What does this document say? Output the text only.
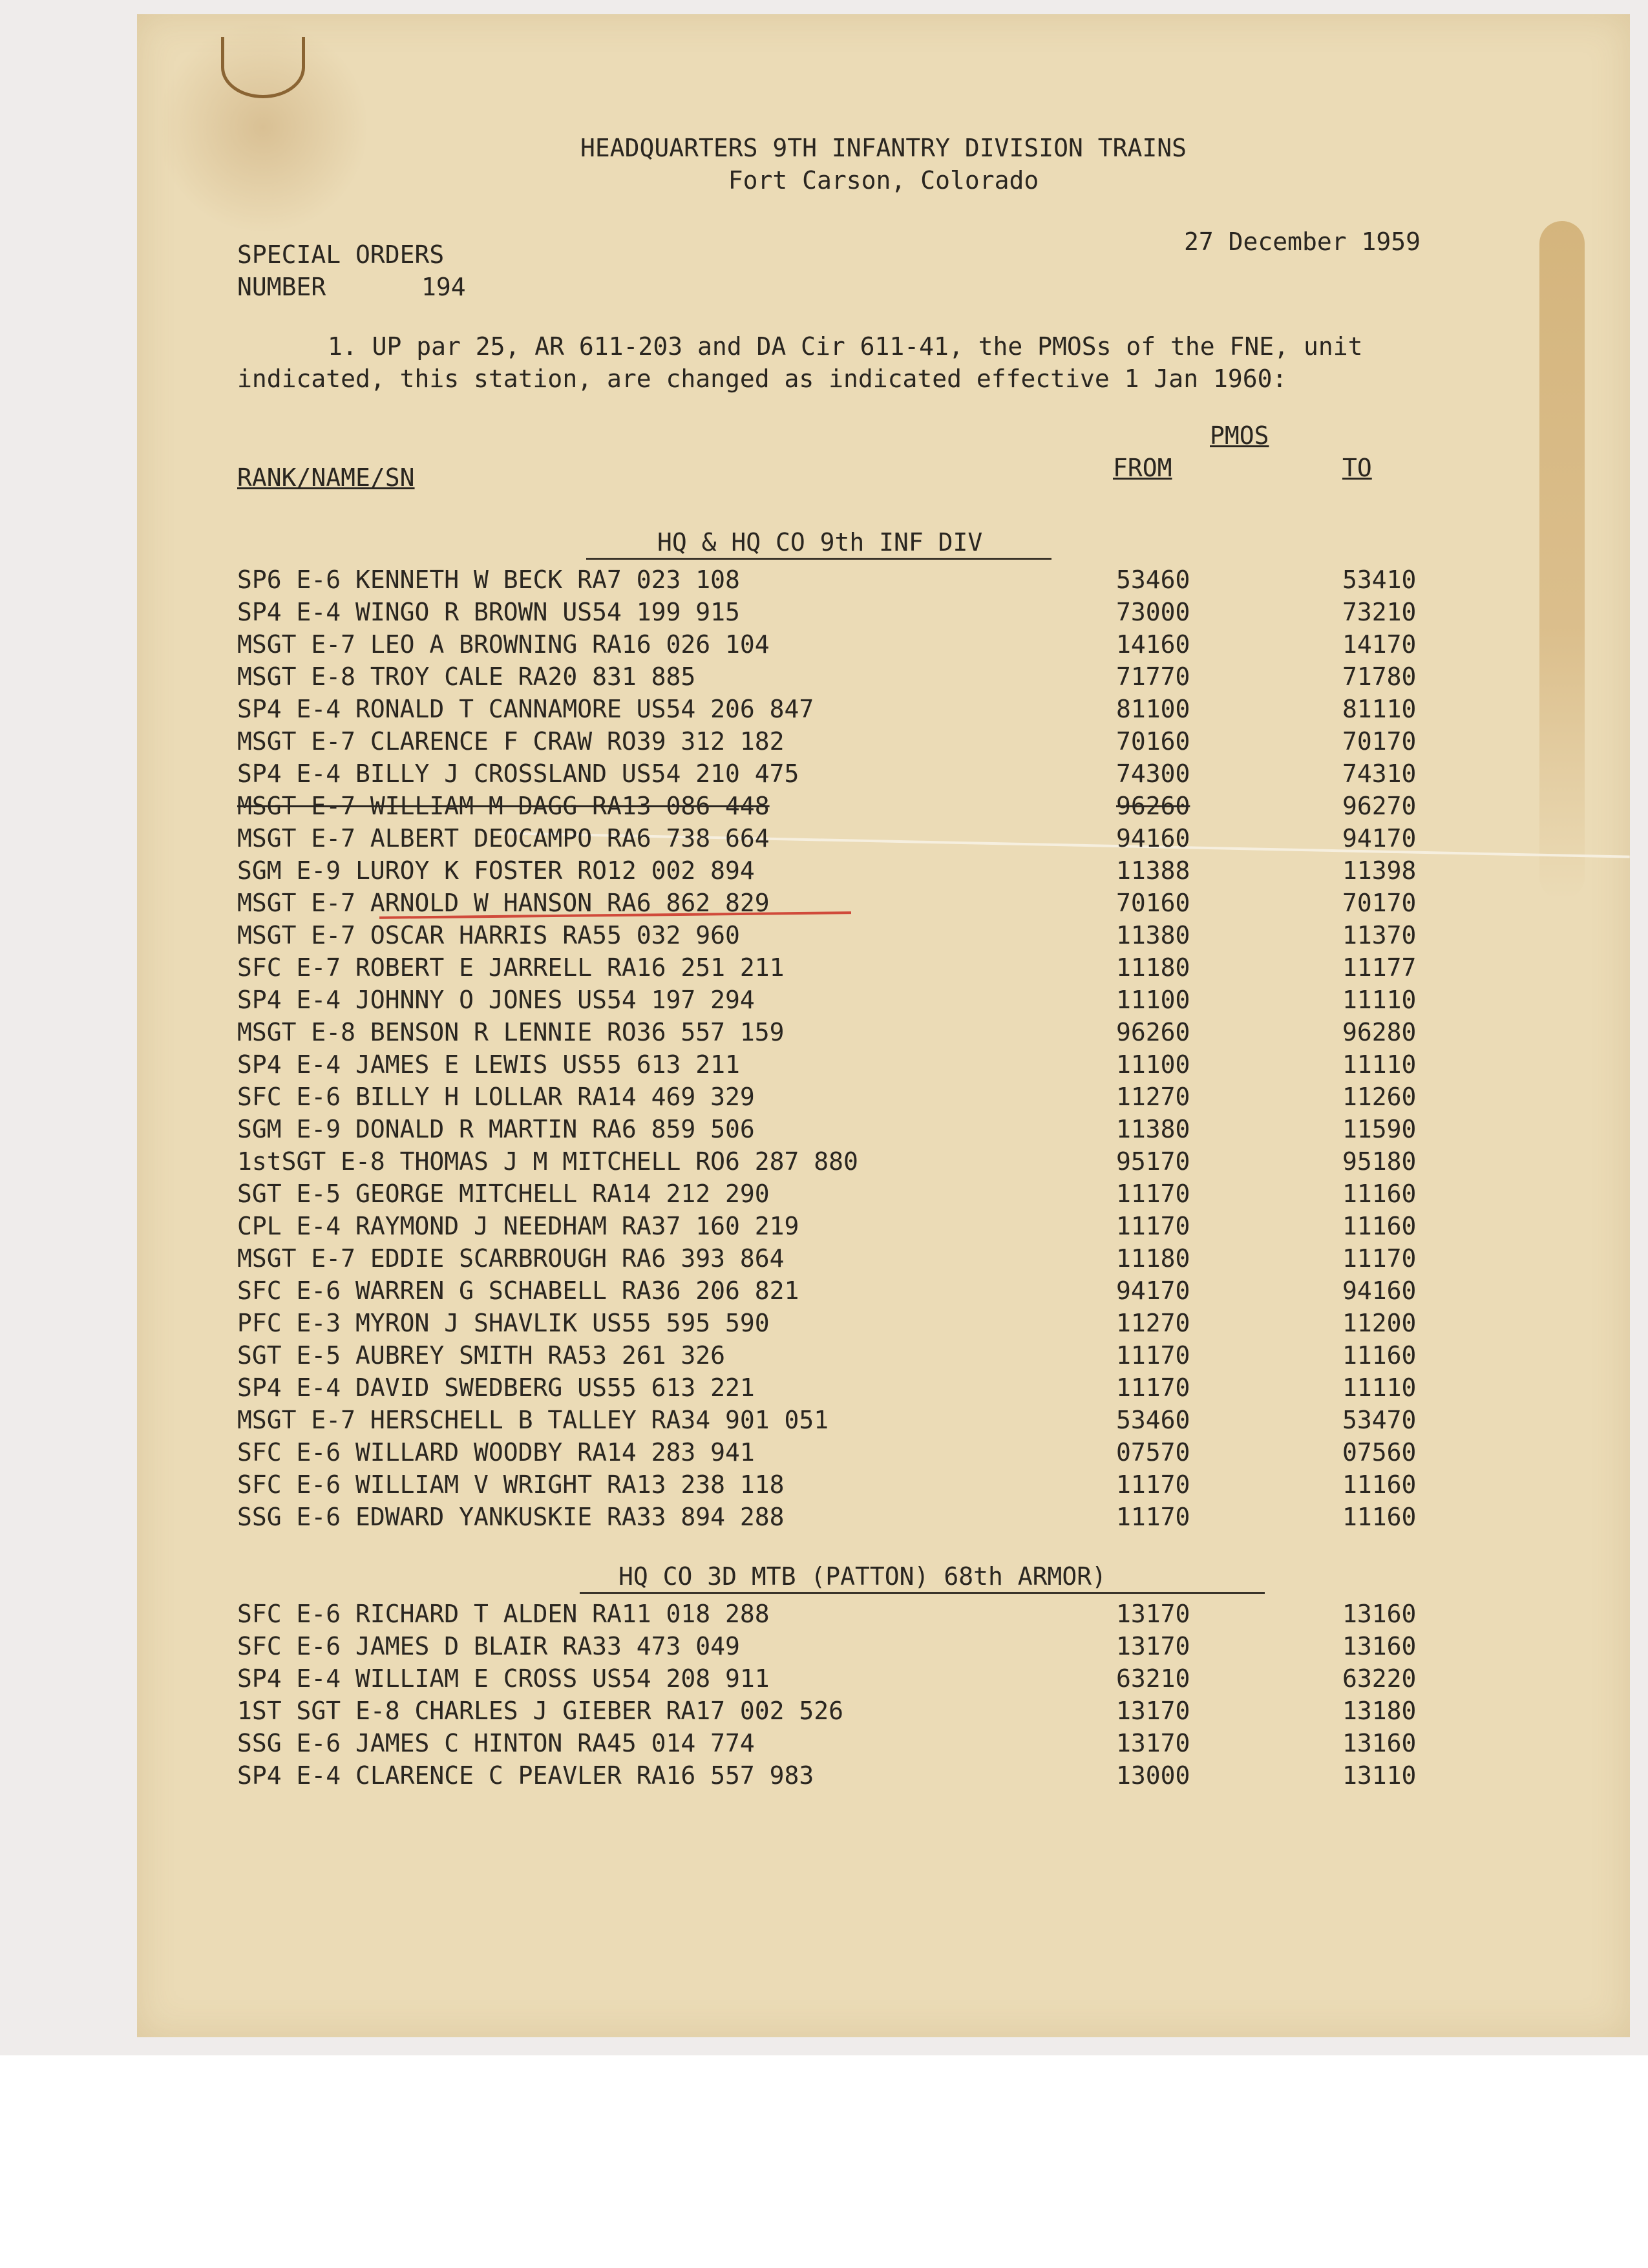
HEADQUARTERS 9TH INFANTRY DIVISION TRAINS
Fort Carson, Colorado
SPECIAL ORDERS
NUMBER	194
27 December 1959
1. UP par 25, AR 611-203 and DA Cir 611-41, the PMOSs of the FNE, unit
indicated, this station, are changed as indicated effective 1 Jan 1960:
PMOS
RANK/NAME/SN	FROM	TO
HQ & HQ CO 9th INF DIV
SP6 E-6 KENNETH W BECK RA7 023 108	53460	53410
SP4 E-4 WINGO R BROWN US54 199 915	73000	73210
MSGT E-7 LEO A BROWNING RA16 026 104	14160	14170
MSGT E-8 TROY CALE RA20 831 885	71770	71780
SP4 E-4 RONALD T CANNAMORE US54 206 847	81100	81110
MSGT E-7 CLARENCE F CRAW RO39 312 182	70160	70170
SP4 E-4 BILLY J CROSSLAND US54 210 475	74300	74310
MSGT E-7 WILLIAM M DAGG RA13 086 448	96260	96270
MSGT E-7 ALBERT DEOCAMPO RA6 738 664	94160	94170
SGM E-9 LUROY K FOSTER RO12 002 894	11388	11398
MSGT E-7 ARNOLD W HANSON RA6 862 829	70160	70170
MSGT E-7 OSCAR HARRIS RA55 032 960	11380	11370
SFC E-7 ROBERT E JARRELL RA16 251 211	11180	11177
SP4 E-4 JOHNNY O JONES US54 197 294	11100	11110
MSGT E-8 BENSON R LENNIE RO36 557 159	96260	96280
SP4 E-4 JAMES E LEWIS US55 613 211	11100	11110
SFC E-6 BILLY H LOLLAR RA14 469 329	11270	11260
SGM E-9 DONALD R MARTIN RA6 859 506	11380	11590
1stSGT E-8 THOMAS J M MITCHELL RO6 287 880	95170	95180
SGT E-5 GEORGE MITCHELL RA14 212 290	11170	11160
CPL E-4 RAYMOND J NEEDHAM RA37 160 219	11170	11160
MSGT E-7 EDDIE SCARBROUGH RA6 393 864	11180	11170
SFC E-6 WARREN G SCHABELL RA36 206 821	94170	94160
PFC E-3 MYRON J SHAVLIK US55 595 590	11270	11200
SGT E-5 AUBREY SMITH RA53 261 326	11170	11160
SP4 E-4 DAVID SWEDBERG US55 613 221	11170	11110
MSGT E-7 HERSCHELL B TALLEY RA34 901 051	53460	53470
SFC E-6 WILLARD WOODBY RA14 283 941	07570	07560
SFC E-6 WILLIAM V WRIGHT RA13 238 118	11170	11160
SSG E-6 EDWARD YANKUSKIE RA33 894 288	11170	11160
HQ CO 3D MTB (PATTON) 68th ARMOR)
SFC E-6 RICHARD T ALDEN RA11 018 288	13170	13160
SFC E-6 JAMES D BLAIR RA33 473 049	13170	13160
SP4 E-4 WILLIAM E CROSS US54 208 911	63210	63220
1ST SGT E-8 CHARLES J GIEBER RA17 002 526	13170	13180
SSG E-6 JAMES C HINTON RA45 014 774	13170	13160
SP4 E-4 CLARENCE C PEAVLER RA16 557 983	13000	13110
